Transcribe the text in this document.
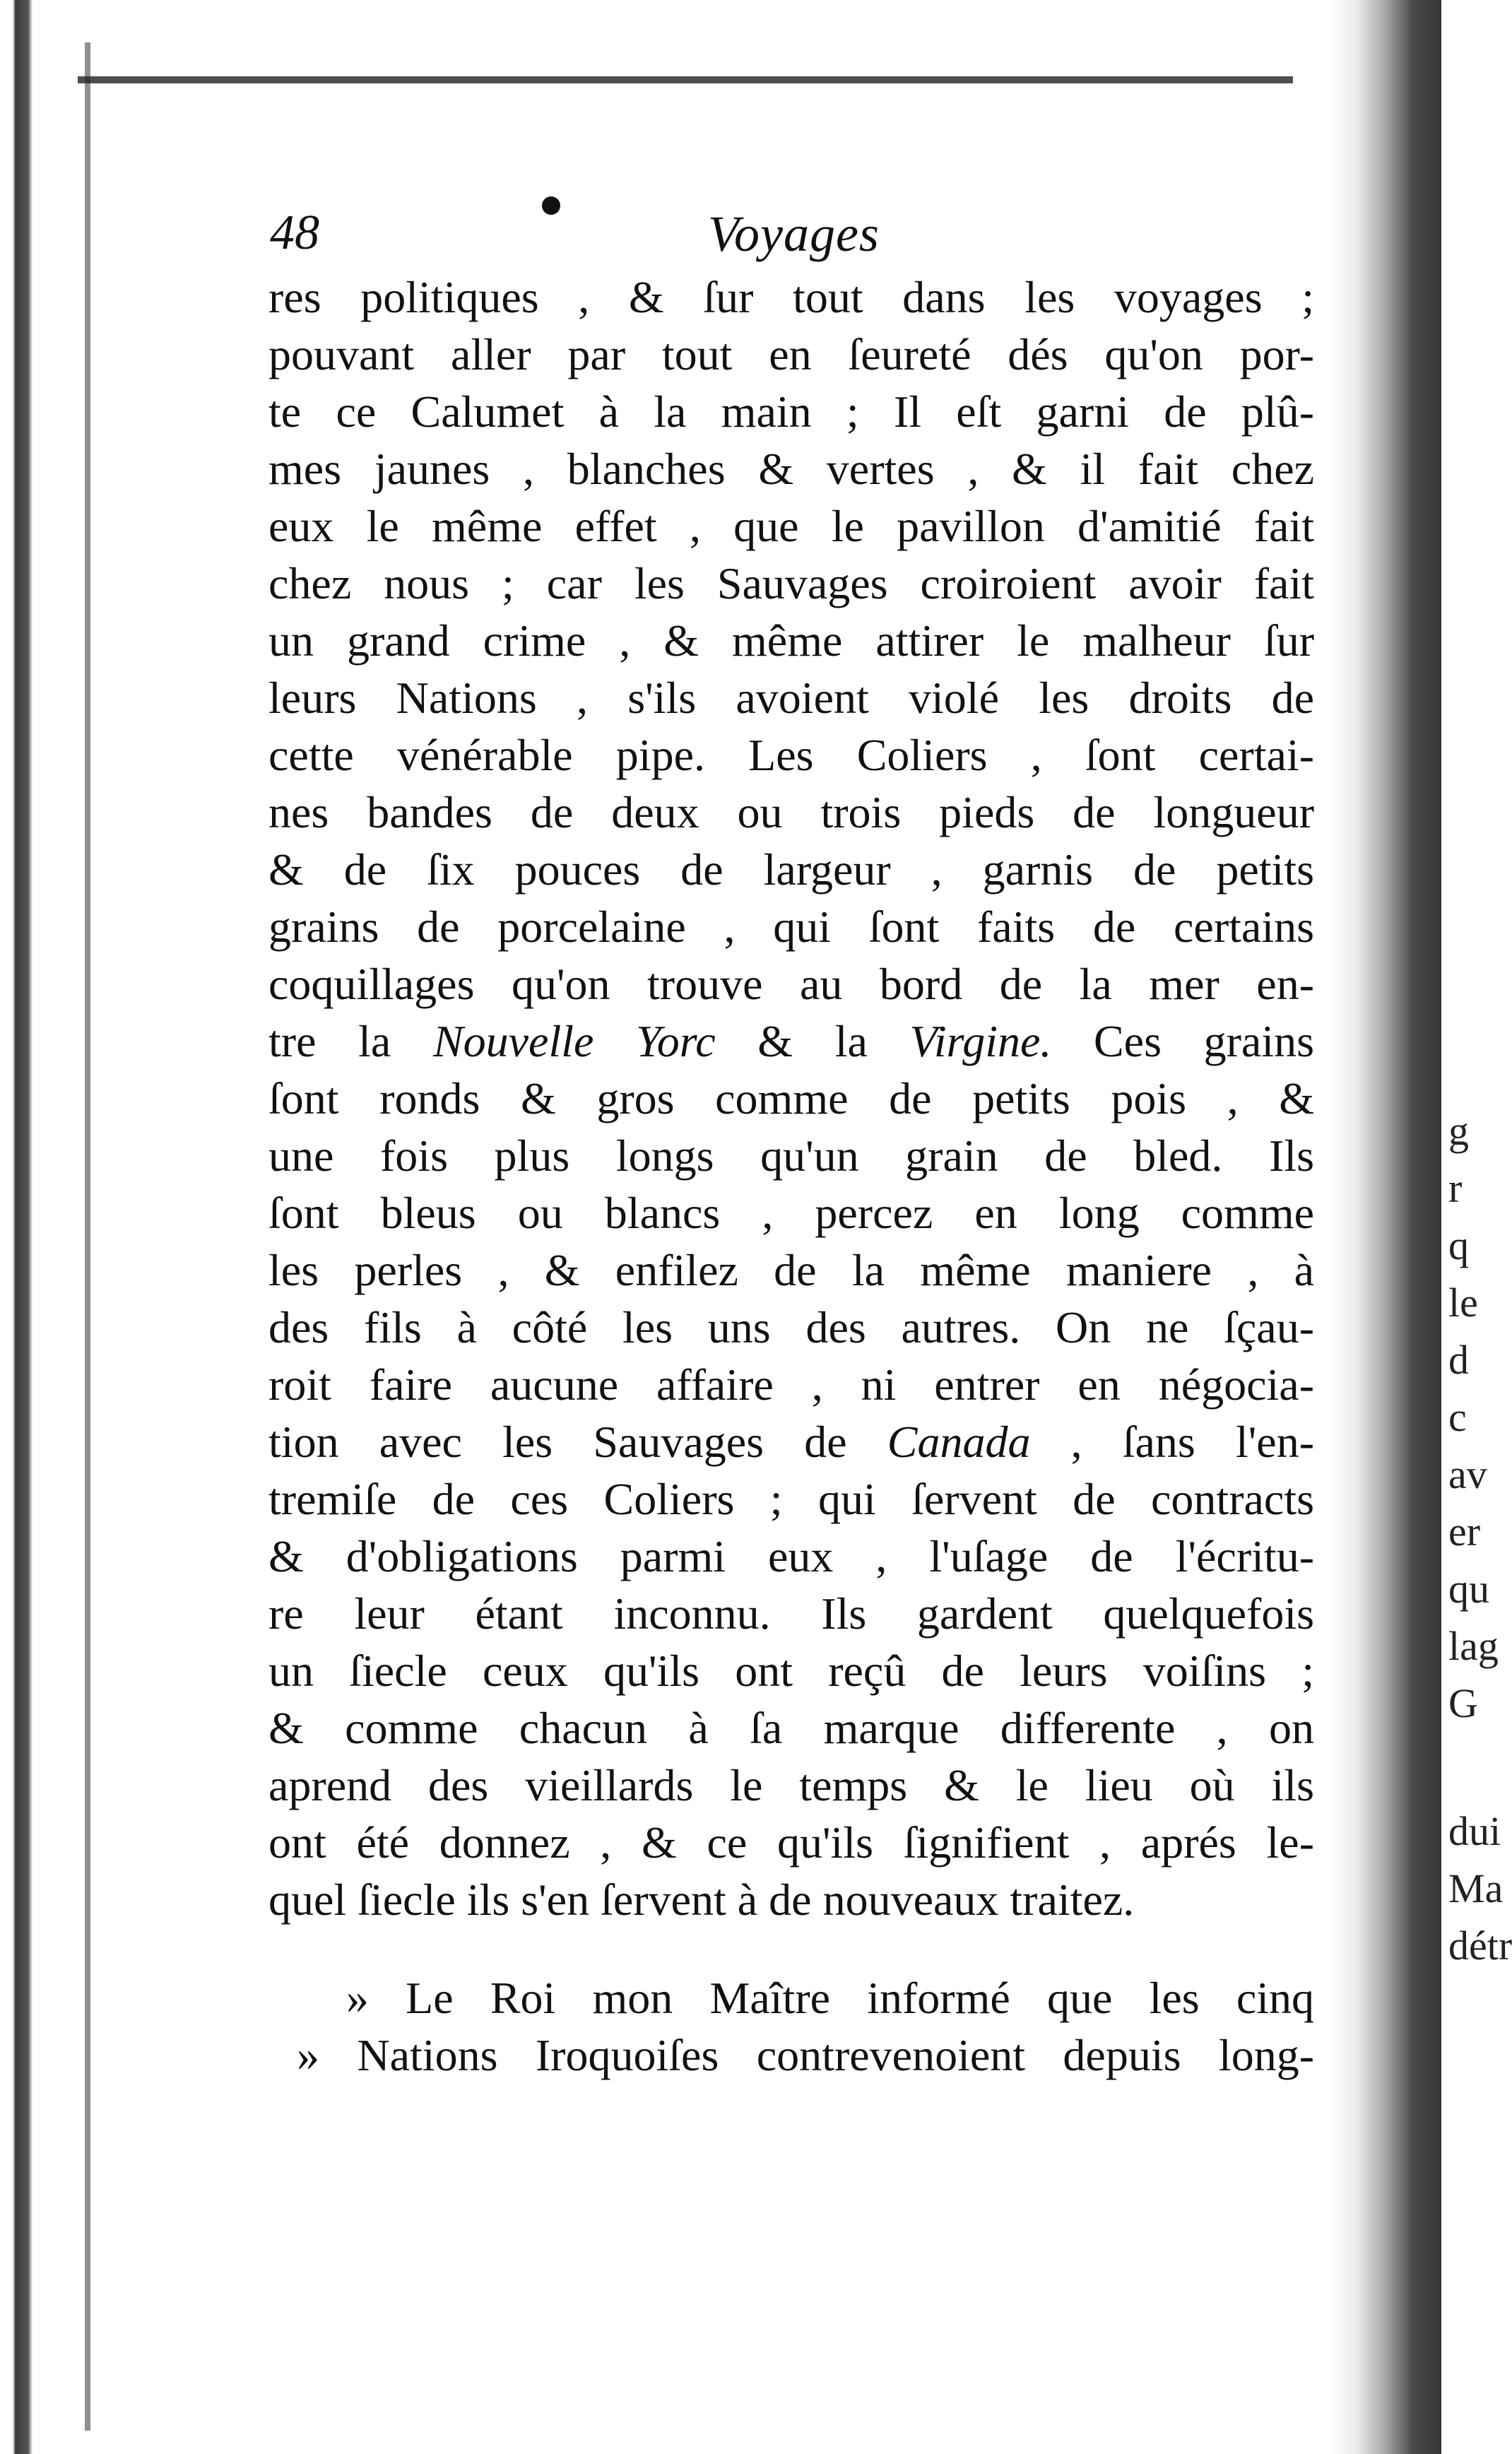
48	Voyages
res politiques , & ſur tout dans les voyages ;
pouvant aller par tout en ſeureté dés qu'on por-
te ce Calumet à la main ; Il eſt garni de plû-
mes jaunes , blanches & vertes , & il fait chez
eux le même effet , que le pavillon d'amitié fait
chez nous ; car les Sauvages croiroient avoir fait
un grand crime , & même attirer le malheur ſur
leurs Nations , s'ils avoient violé les droits de
cette vénérable pipe. Les Coliers , ſont certai-
nes bandes de deux ou trois pieds de longueur
& de ſix pouces de largeur , garnis de petits
grains de porcelaine , qui ſont faits de certains
coquillages qu'on trouve au bord de la mer en-
tre la Nouvelle Yorc & la Virgine. Ces grains
ſont ronds & gros comme de petits pois , &
une fois plus longs qu'un grain de bled. Ils
ſont bleus ou blancs , percez en long comme
les perles , & enfilez de la même maniere , à
des fils à côté les uns des autres. On ne ſçau-
roit faire aucune affaire , ni entrer en négocia-
tion avec les Sauvages de Canada , ſans l'en-
tremiſe de ces Coliers ; qui ſervent de contracts
& d'obligations parmi eux , l'uſage de l'écritu-
re leur étant inconnu. Ils gardent quelquefois
un ſiecle ceux qu'ils ont reçû de leurs voiſins ;
& comme chacun à ſa marque differente , on
aprend des vieillards le temps & le lieu où ils
ont été donnez , & ce qu'ils ſignifient , aprés le-
quel ſiecle ils s'en ſervent à de nouveaux traitez.
» Le Roi mon Maître informé que les cinq
» Nations Iroquoiſes contrevenoient depuis long-
g
r
q
le
d
c
av
er
qu
lag
G
dui
Ma
détr
